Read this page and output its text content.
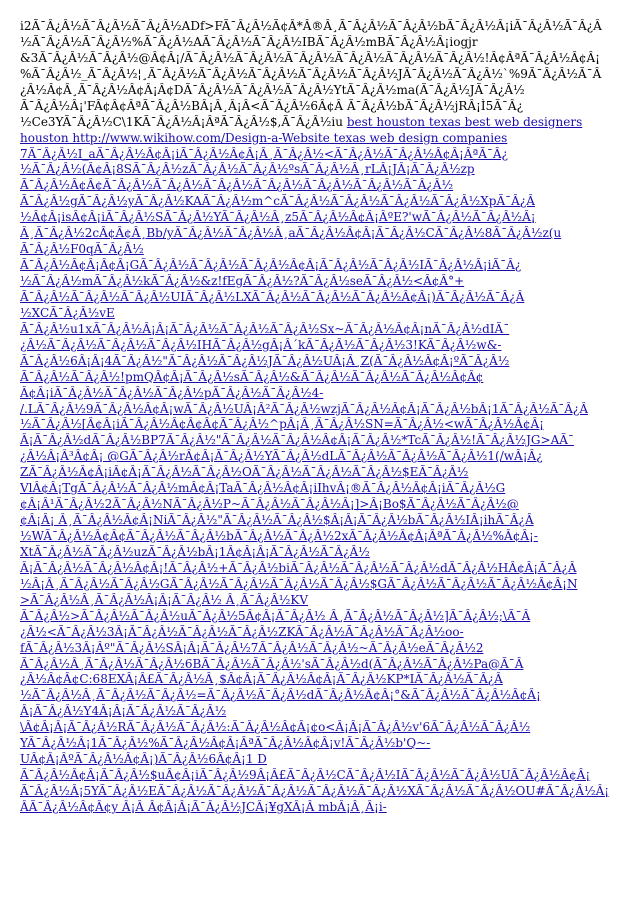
i2Ã¯Â¿Â½Ã¯Â¿Â½Ã¯Â¿Â½ADf>FÃ¯Â¿Â½Ã¢Â*Â®Â¸Ã¯Â¿Â½Ã¯Â¿Â½bÃ¯Â¿Â½Â¡iÃ¯Â¿Â½Ã¯Â¿Â
½Ã¯Â¿Â½Ã¯Â¿Â½%Ã¯Â¿Â½AÃ¯Â¿Â½Ã¯Â¿Â½IBÃ¯Â¿Â½mBÃ¯Â¿Â½Â¡iogjr
&3Ã¯Â¿Â½Ã¯Â¿Â½@Â¢Â¡/Ã¯Â¿Â½Ã¯Â¿Â½Ã¯Â¿Â½Ã¯Â¿Â½Ã¯Â¿Â½Ã¯Â¿Â½!Â¢ÂªÃ¯Â¿Â½Â¢Â¡
%Ã¯Â¿Â½_Ã¯Â¿Â½¦¸Ã¯Â¿Â½Ã¯Â¿Â½Ã¯Â¿Â½Ã¯Â¿Â½Ã¯Â¿Â½JÃ¯Â¿Â½Ã¯Â¿Â½`%9Ã¯Â¿Â½Ã¯Â
¿Â½Â¢Â¸Ã¯Â¿Â½Â¢Â¡Â¢DÃ¯Â¿Â½Ã¯Â¿Â½Ã¯Â¿Â½YtÃ¯Â¿Â½ma(Ã¯Â¿Â½JÃ¯Â¿Â½
Ã¯Â¿Â½Â¡'FÂ¢Â¢ÂªÃ¯Â¿Â½BÂ¡Â¸Â¡Â<Ã¯Â¿Â½6Â¢Â Ã¯Â¿Â½bÃ¯Â¿Â½jRÂ¡Ì5Ã¯Â¿
½Ce3YÃ¯Â¿Â½C\1KÃ¯Â¿Â½Â¡ÂªÃ¯Â¿Â½$,Ã¯Â¿Â½iu best houston texas best web designers
houston http://www.wikihow.com/Design-a-Website texas web design companies
7Ã¯Â¿Â½I_aÃ¯Â¿Â½Â¢Â¡iÃ¯Â¿Â½Â¢Â¡Â¸Ã¯Â¿Â½<Ã¯Â¿Â½Ã¯Â¿Â½Â¢Â¡ÂªÃ¯Â¿
½Ã¯Â¿Â½(Â¢Â¡8SÃ¯Â¿Â½zÃ¯Â¿Â½Ã¯Â¿Â½ºsÃ¯Â¿Â½Â¸rLÂ¡JÂ¡Ã¯Â¿Â½zp
Ã¯Â¿Â½Â¢Â¢Ã¯Â¿Â½Ã¯Â¿Â½Ã¯Â¿Â½Ã¯Â¿Â½Ã¯Â¿Â½Ã¯Â¿Â½Ã¯Â¿Â½
Ã¯Â¿Â½gÃ¯Â¿Â½yÃ¯Â¿Â½KAÃ¯Â¿Â½m^cÃ¯Â¿Â½Ã¯Â¿Â½Ã¯Â¿Â½Ã¯Â¿Â½XpÃ¯Â¿Â
½Â¢Â¡isÂ¢Â¡iÃ¯Â¿Â½SÃ¯Â¿Â½YÃ¯Â¿Â½Â¸z5Ã¯Â¿Â½Â¢Â¡ÂºE?'wÃ¯Â¿Â½Ã¯Â¿Â½Â¡
Â¸Ã¯Â¿Â½2cÂ¢Â¢Â¸Bb/yÃ¯Â¿Â½Ã¯Â¿Â½Â¸aÃ¯Â¿Â½Â¢Â¡Ã¯Â¿Â½CÃ¯Â¿Â½8Ã¯Â¿Â½z(u
Ã¯Â¿Â½F0qÃ¯Â¿Â½
Ã¯Â¿Â½Â¢Â¡Â¢Â¡GÃ¯Â¿Â½Ã¯Â¿Â½Ã¯Â¿Â½Â¢Â¡Ã¯Â¿Â½Ã¯Â¿Â½IÃ¯Â¿Â½Â¡iÃ¯Â¿
½Ã¯Â¿Â½mÃ¯Â¿Â½kÃ¯Â¿Â½&z!fEgÃ¯Â¿Â½?Ã¯Â¿Â½seÃ¯Â¿Â½<Â¢Â°+
Ã¯Â¿Â½Ã¯Â¿Â½Ã¯Â¿Â½UIÃ¯Â¿Â½LXÃ¯Â¿Â½Ã¯Â¿Â½Ã¯Â¿Â½Â¢Â¡)Ã¯Â¿Â½Ã¯Â¿Â
½XCÃ¯Â¿Â½vE
Ã¯Â¿Â½u1xÃ¯Â¿Â½Â¡Â¡Ã¯Â¿Â½Ã¯Â¿Â½Ã¯Â¿Â½Sx~Ã¯Â¿Â½Â¢Â¡nÃ¯Â¿Â½dIÃ¯
¿Â½Ã¯Â¿Â½Ã¯Â¿Â½Ã¯Â¿Â½IHÃ¯Â¿Â½gÂ¡Â´kÃ¯Â¿Â½Ã¯Â¿Â½3!KÃ¯Â¿Â½w&-
Ã¯Â¿Â½6Â¡Â¡4Ã¯Â¿Â½"Ã¯Â¿Â½Ã¯Â¿Â½JÃ¯Â¿Â½UÂ¡Â¸Z(Ã¯Â¿Â½Â¢Â¡ºÃ¯Â¿Â½
Ã¯Â¿Â½Ã¯Â¿Â½!pmQÂ¢Â¡Ã¯Â¿Â½sÃ¯Â¿Â½&Ã¯Â¿Â½Ã¯Â¿Â½Ã¯Â¿Â½Â¢Â¢
Â¢Â¡iÃ¯Â¿Â½Ã¯Â¿Â½Ã¯Â¿Â½pÃ¯Â¿Â½Ã¯Â¿Â½4-
/.LÃ¯Â¿Â½9Ã¯Â¿Â½Â¢Â¡wÃ¯Â¿Â½UÂ¡Â²Ã¯Â¿Â½wzjÃ¯Â¿Â½Â¢Â¡Ã¯Â¿Â½bÂ¡1Ã¯Â¿Â½Ã¯Â¿Â
½Ã¯Â¿Â½[Â¢Â¡iÃ¯Â¿Â½Â¢Â¢Â¢Ã¯Â¿Â½^pÂ¡Â¸Ã¯Â¿Â½SN=Ã¯Â¿Â½<wÃ¯Â¿Â½Â¢Â¡
Â¡Ã¯Â¿Â½dÃ¯Â¿Â½BP7Ã¯Â¿Â½"Ã¯Â¿Â½Ã¯Â¿Â½Â¢Â¡Ã¯Â¿Â½*TcÃ¯Â¿Â½!Ã¯Â¿Â½JG>AÃ¯
¿Â½Â¡Â³Â¢Â¡ @GÃ¯Â¿Â½rÂ¢Â¡Ã¯Â¿Â½YÃ¯Â¿Â½dLÃ¯Â¿Â½Ã¯Â¿Â½Ã¯Â¿Â½1(/wÂ¡Â¿
ZÃ¯Â¿Â½Â¢Â¡iÂ¢Â¡Ã¯Â¿Â½Ã¯Â¿Â½OÃ¯Â¿Â½Ã¯Â¿Â½Ã¯Â¿Â½$EÃ¯Â¿Â½
VlÂ¢Â¡TgÃ¯Â¿Â½Ã¯Â¿Â½mÂ¢Â¡TaÃ¯Â¿Â½Â¢Â¡iIhvÂ¡®Ã¯Â¿Â½Â¢Â¡iÃ¯Â¿Â½G
¢Â¡Â¹Ã¯Â¿Â½2Ã¯Â¿Â½NÃ¯Â¿Â½P~Ã¯Â¿Â½Ã¯Â¿Â½Â¡]>Â¡Bo$Ã¯Â¿Â½Ã¯Â¿Â½@
¢Â¡Â¡ Â¸Ã¯Â¿Â½Â¢Â¡NiÃ¯Â¿Â½"Ã¯Â¿Â½Ã¯Â¿Â½$Â¡Â¡Ã¯Â¿Â½bÃ¯Â¿Â½IÂ¡ihÃ¯Â¿Â
½WÃ¯Â¿Â½Â¢Â¢Ã¯Â¿Â½Ã¯Â¿Â½bÃ¯Â¿Â½Ã¯Â¿Â½2xÃ¯Â¿Â½Â¢Â¡ÂªÃ¯Â¿Â½%Â¢Â¡-
XtÃ¯Â¿Â½Ã¯Â¿Â½uzÃ¯Â¿Â½bÂ¡1Â¢Â¡Â¡Ã¯Â¿Â½Ã¯Â¿Â½
Â¡Ã¯Â¿Â½Ã¯Â¿Â½Â¢Â¡!Ã¯Â¿Â½+Ã¯Â¿Â½biÃ¯Â¿Â½Ã¯Â¿Â½Ã¯Â¿Â½dÃ¯Â¿Â½HÂ¢Â¡Ã¯Â¿Â
½Â¡Â¸Ã¯Â¿Â½Ã¯Â¿Â½GÃ¯Â¿Â½Ã¯Â¿Â½Ã¯Â¿Â½Ã¯Â¿Â½$GÃ¯Â¿Â½Ã¯Â¿Â½Ã¯Â¿Â½Â¢Â¡N
>Ã¯Â¿Â½Â¸Ã¯Â¿Â½Â¡Â¡Ã¯Â¿Â½ Â¸Ã¯Â¿Â½KV
Ã¯Â¿Â½>Ã¯Â¿Â½Ã¯Â¿Â½uÃ¯Â¿Â½5Â¢Â¡Ã¯Â¿Â½ Â¸Ã¯Â¿Â½Ã¯Â¿Â½]Ã¯Â¿Â½;\Ã¯Â
¿Â½<Ã¯Â¿Â½3Â¡Ã¯Â¿Â½Ã¯Â¿Â½Ã¯Â¿Â½ZKÃ¯Â¿Â½Ã¯Â¿Â½Ã¯Â¿Â½oo-
fÃ¯Â¿Â½3Â¡Âº"Ã¯Â¿Â½SÂ¡Â¡Ã¯Â¿Â½7Ã¯Â¿Â½Ã¯Â¿Â½~Ã¯Â¿Â½eÃ¯Â¿Â½2
Ã¯Â¿Â½Â¸Ã¯Â¿Â½Ã¯Â¿Â½6BÃ¯Â¿Â½Ã¯Â¿Â½'sÃ¯Â¿Â½d(Ã¯Â¿Â½Ã¯Â¿Â½Pa@Ã¯Â
¿Â½Â¢Â¢C:68EXÂ¡Â£Ã¯Â¿Â½Â¸$Â¢Â¡Ã¯Â¿Â½Â¢Â¡Ã¯Â¿Â½KP*IÃ¯Â¿Â½Ã¯Â¿Â
½Ã¯Â¿Â½Â¸Ã¯Â¿Â½Ã¯Â¿Â½=Ã¯Â¿Â½Ã¯Â¿Â½dÃ¯Â¿Â½Â¢Â¡°&Ã¯Â¿Â½Ã¯Â¿Â½Â¢Â¡
Â¡Ã¯Â¿Â½Y4Â¡Â¡Ã¯Â¿Â½Ã¯Â¿Â½
\Â¢Â¡Â¡Ã¯Â¿Â½RÃ¯Â¿Â½Ã¯Â¿Â½:Ã¯Â¿Â½Â¢Â¡¢o<Â¡Â¡Ã¯Â¿Â½v'6Ã¯Â¿Â½Ã¯Â¿Â½
YÃ¯Â¿Â½Â¡1Ã¯Â¿Â½%Ã¯Â¿Â½Â¢Â¡ÂªÃ¯Â¿Â½Â¢Â¡v!Ã¯Â¿Â½b'Q~-
UÂ¢Â¡ÂºÃ¯Â¿Â½Â¢Â¡)Ã¯Â¿Â½6Â¢Â¡1 D
Ã¯Â¿Â½Â¢Â¡Ã¯Â¿Â½$uÂ¢Â¡iÃ¯Â¿Â½9Â¡Â£Ã¯Â¿Â½CÃ¯Â¿Â½IÃ¯Â¿Â½Ã¯Â¿Â½UÃ¯Â¿Â½Â¢Â¡
Ã¯Â¿Â½Â¡5YÃ¯Â¿Â½EÃ¯Â¿Â½Ã¯Â¿Â½Ã¯Â¿Â½Ã¯Â¿Â½Ã¯Â¿Â½XÃ¯Â¿Â½Ã¯Â¿Â½OU#Ã¯Â¿Â½Â¡
ÂÃ¯Â¿Â½Â¢Â¢y Â¡Â Â¢Â¡Â¡Ã¯Â¿Â½JCÂ¡¥gXÂ¡Â mbÂ¡Â¸Â¡i-
